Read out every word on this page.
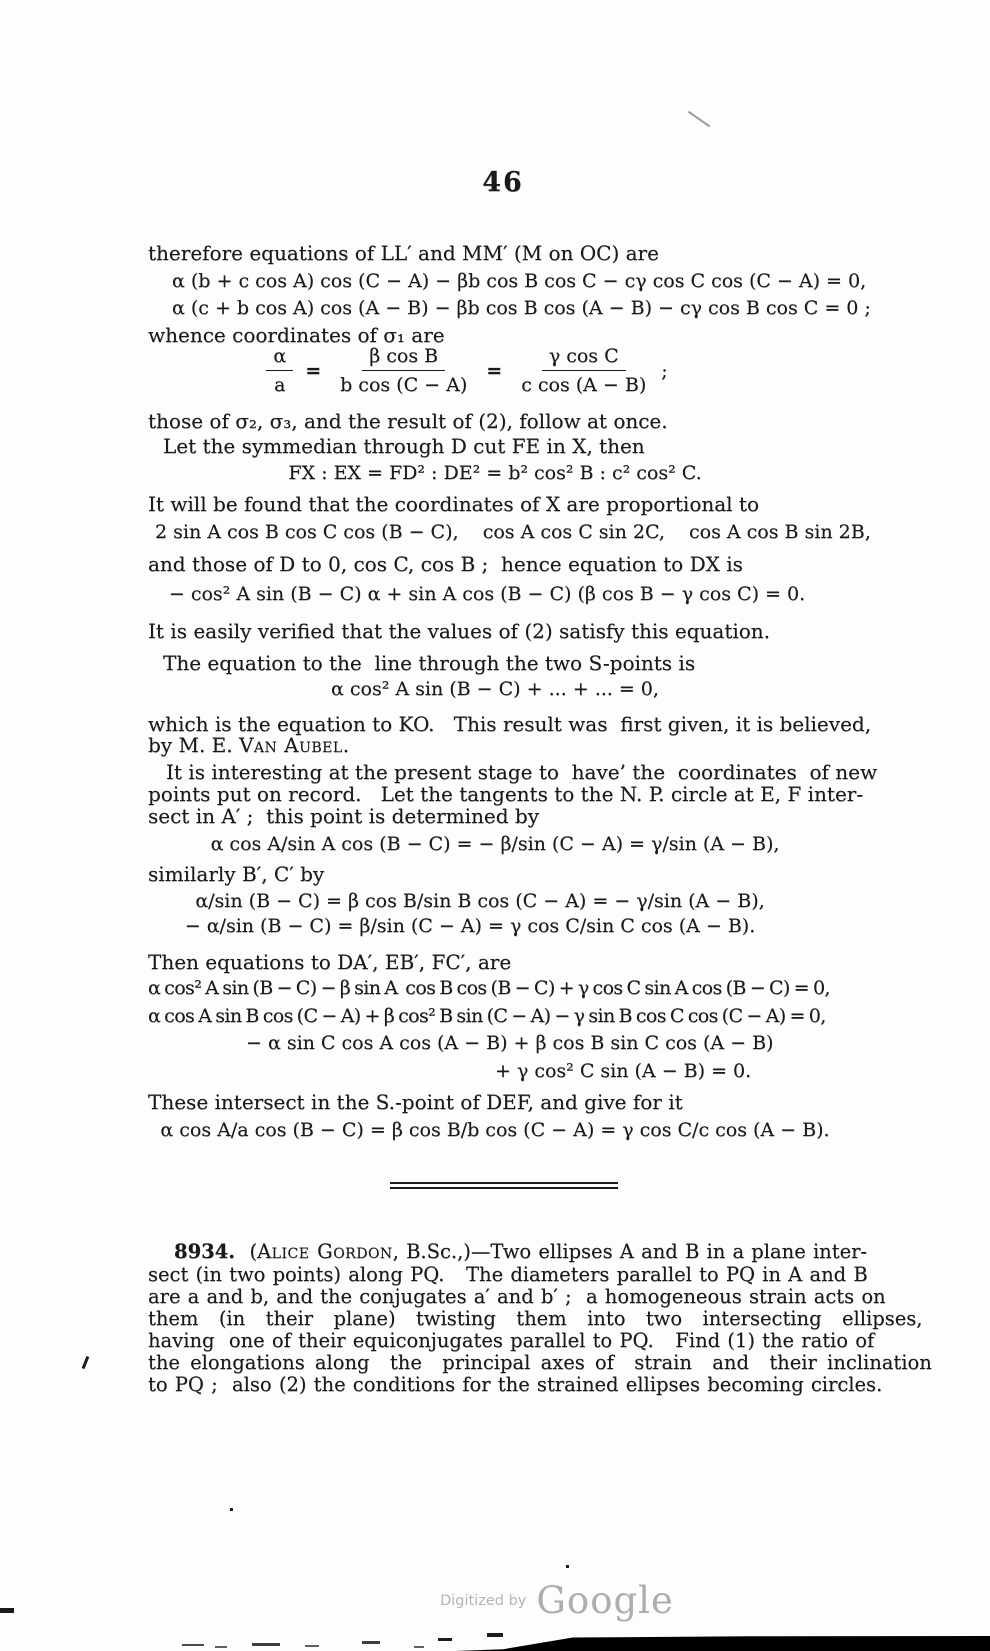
46
therefore equations of LL′ and MM′ (M on OC) are
α (b + c cos A) cos (C − A) − βb cos B cos C − cγ cos C cos (C − A) = 0,
α (c + b cos A) cos (A − B) − βb cos B cos (A − B) − cγ cos B cos C = 0 ;
whence coordinates of σ₁ are
$\frac{\alpha}{a} = \frac{\text{β cos B}}{\text{b cos (C − A)}} = \frac{\text{γ cos C}}{\text{c cos (A − B)}}$ ;
those of σ₂, σ₃, and the result of (2), follow at once.
Let the symmedian through D cut FE in X, then
FX : EX = FD² : DE² = b² cos² B : c² cos² C.
It will be found that the coordinates of X are proportional to
2 sin A cos B cos C cos (B − C),    cos A cos C sin 2C,    cos A cos B sin 2B,
and those of D to 0, cos C, cos B ;  hence equation to DX is
− cos² A sin (B − C) α + sin A cos (B − C) (β cos B − γ cos C) = 0.
It is easily verified that the values of (2) satisfy this equation.
The equation to the  line through the two S-points is
α cos² A sin (B − C) + ... + ... = 0,
which is the equation to KO.   This result was  first given, it is believed,
by M. E. Van Aubel.
It is interesting at the present stage to  have’ the  coordinates  of new
points put on record.   Let the tangents to the N. P. circle at E, F inter-
sect in A′ ;  this point is determined by
α cos A/sin A cos (B − C) = − β/sin (C − A) = γ/sin (A − B),
similarly B′, C′ by
α/sin (B − C) = β cos B/sin B cos (C − A) = − γ/sin (A − B),
− α/sin (B − C) = β/sin (C − A) = γ cos C/sin C cos (A − B).
Then equations to DA′, EB′, FC′, are
α cos² A sin (B − C) − β sin A  cos B cos (B − C) + γ cos C sin A cos (B − C) = 0,
α cos A sin B cos (C − A) + β cos² B sin (C − A) − γ sin B cos C cos (C − A) = 0,
− α sin C cos A cos (A − B) + β cos B sin C cos (A − B)
+ γ cos² C sin (A − B) = 0.
These intersect in the S.-point of DEF, and give for it
α cos A/a cos (B − C) = β cos B/b cos (C − A) = γ cos C/c cos (A − B).
8934.  (Alice Gordon, B.Sc.,)—Two ellipses A and B in a plane inter-
sect (in two points) along PQ.   The diameters parallel to PQ in A and B
are a and b, and the conjugates a′ and b′ ;  a homogeneous strain acts on
them  (in  their  plane)  twisting  them  into  two  intersecting  ellipses,
having  one of their equiconjugates parallel to PQ.   Find (1) the ratio of
the elongations along  the  principal axes of  strain  and  their inclination
to PQ ;  also (2) the conditions for the strained ellipses becoming circles.
Digitized by Google
